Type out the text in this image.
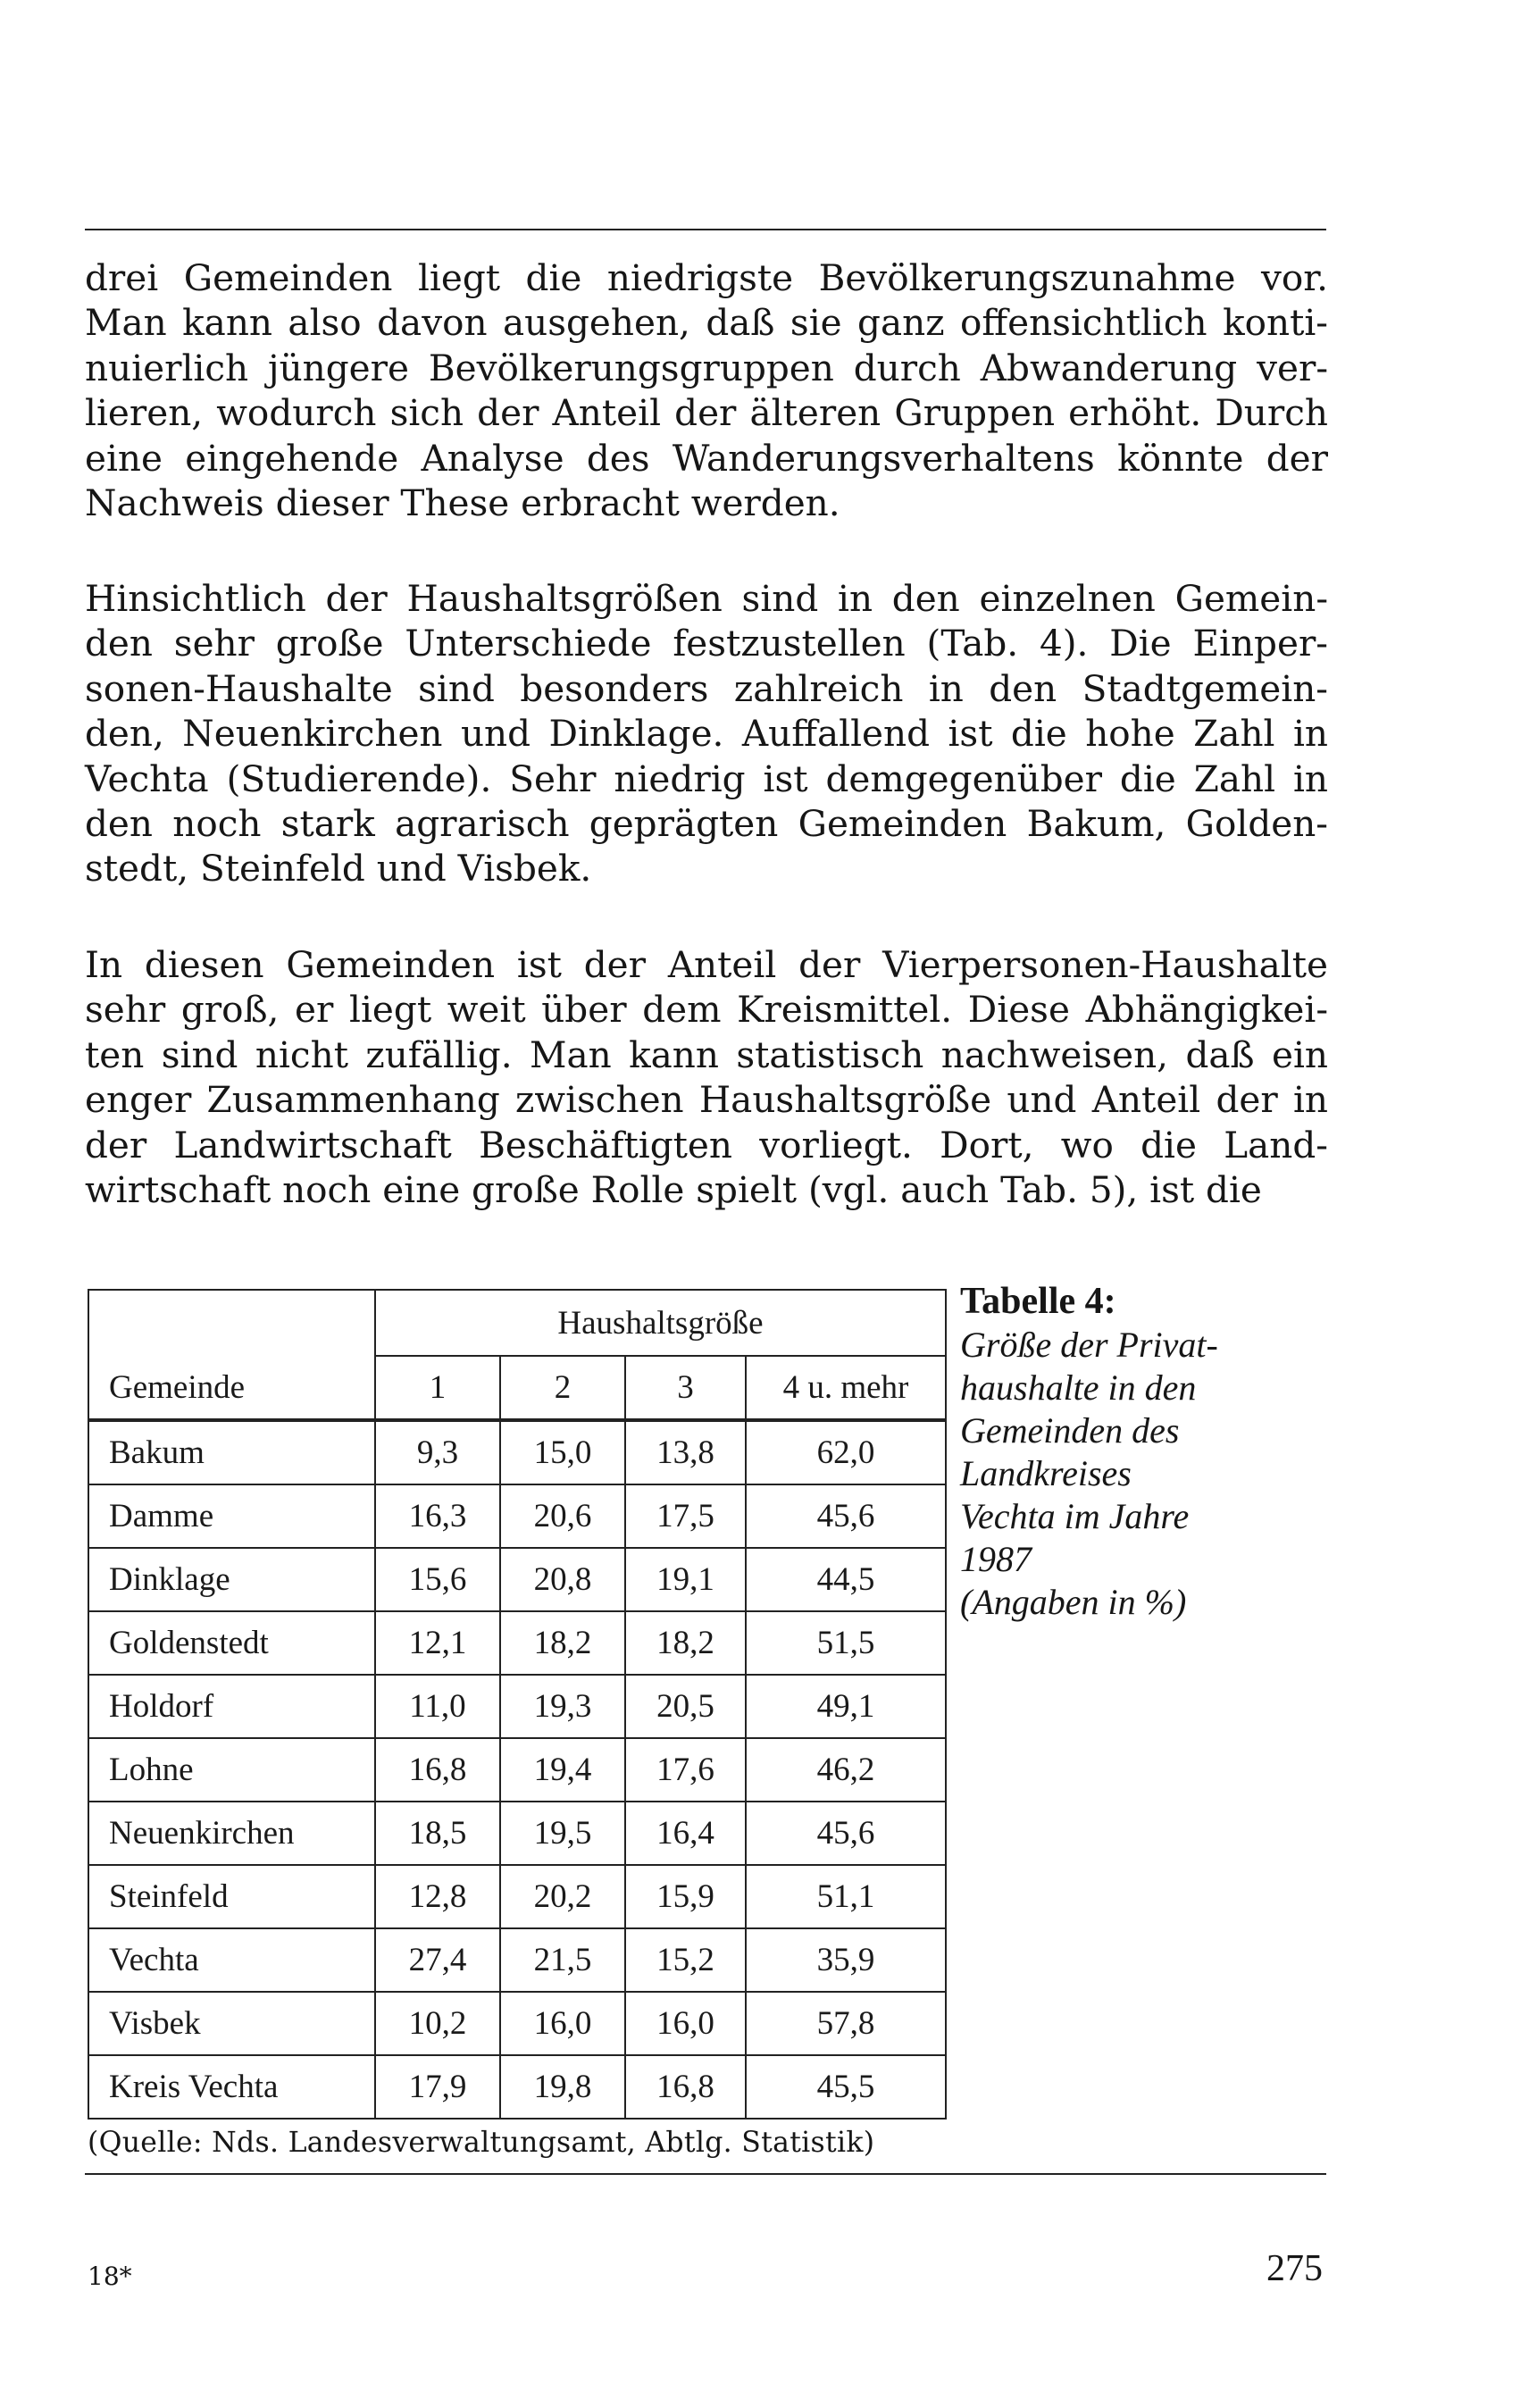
drei Gemeinden liegt die niedrigste Bevölkerungszunahme vor.
Man kann also davon ausgehen, daß sie ganz offensichtlich konti-
nuierlich jüngere Bevölkerungsgruppen durch Abwanderung ver-
lieren, wodurch sich der Anteil der älteren Gruppen erhöht. Durch
eine eingehende Analyse des Wanderungsverhaltens könnte der
Nachweis dieser These erbracht werden.

Hinsichtlich der Haushaltsgrößen sind in den einzelnen Gemein-
den sehr große Unterschiede festzustellen (Tab. 4). Die Einper-
sonen-Haushalte sind besonders zahlreich in den Stadtgemein-
den, Neuenkirchen und Dinklage. Auffallend ist die hohe Zahl in
Vechta (Studierende). Sehr niedrig ist demgegenüber die Zahl in
den noch stark agrarisch geprägten Gemeinden Bakum, Golden-
stedt, Steinfeld und Visbek.

In diesen Gemeinden ist der Anteil der Vierpersonen-Haushalte
sehr groß, er liegt weit über dem Kreismittel. Diese Abhängigkei-
ten sind nicht zufällig. Man kann statistisch nachweisen, daß ein
enger Zusammenhang zwischen Haushaltsgröße und Anteil der in
der Landwirtschaft Beschäftigten vorliegt. Dort, wo die Land-
wirtschaft noch eine große Rolle spielt (vgl. auch Tab. 5), ist die

	Haushaltsgröße			
Gemeinde	1	2	3	4 u. mehr
Bakum	9,3	15,0	13,8	62,0
Damme	16,3	20,6	17,5	45,6
Dinklage	15,6	20,8	19,1	44,5
Goldenstedt	12,1	18,2	18,2	51,5
Holdorf	11,0	19,3	20,5	49,1
Lohne	16,8	19,4	17,6	46,2
Neuenkirchen	18,5	19,5	16,4	45,6
Steinfeld	12,8	20,2	15,9	51,1
Vechta	27,4	21,5	15,2	35,9
Visbek	10,2	16,0	16,0	57,8
Kreis Vechta	17,9	19,8	16,8	45,5
Tabelle 4:
Größe der Privat-
haushalte in den
Gemeinden des
Landkreises
Vechta im Jahre
1987
(Angaben in %)
(Quelle: Nds. Landesverwaltungsamt, Abtlg. Statistik)
18*	275
